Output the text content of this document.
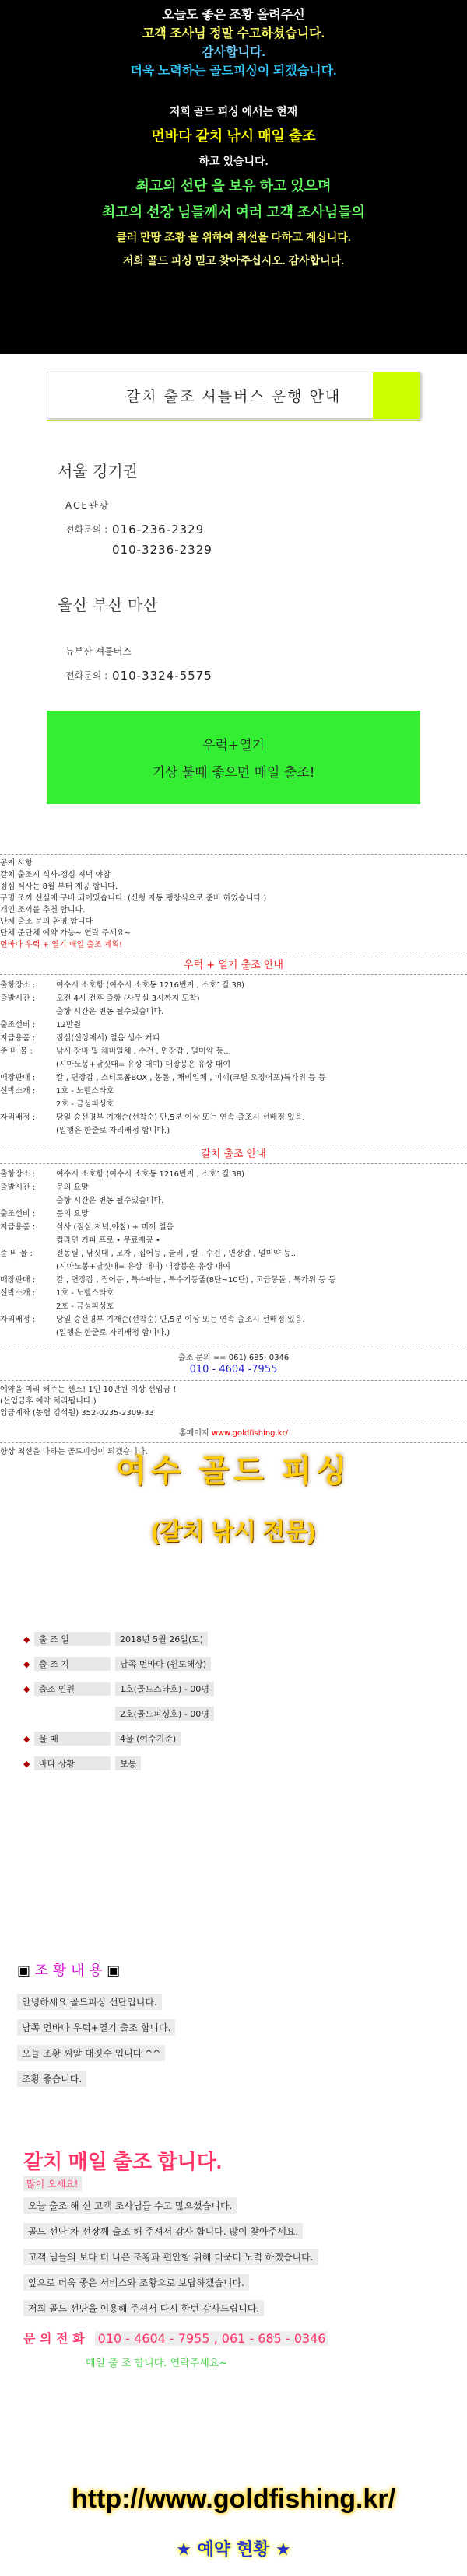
오늘도 좋은 조황 올려주신
고객 조사님 정말 수고하셨습니다.
감사합니다.
더욱 노력하는 골드피싱이 되겠습니다.
저희 골드 피싱 에서는 현재
먼바다 갈치 낚시 매일 출조
하고 있습니다.
최고의 선단 을 보유 하고 있으며
최고의 선장 님들께서 여러 고객 조사님들의
클러 만땅 조황 을 위하여 최선을 다하고 계십니다.
저희 골드 피싱 믿고 찾아주십시오. 감사합니다.
갈치 출조 셔틀버스 운행 안내
서울 경기권
ACE관광
전화문의 : 016-236-2329
010-3236-2329
울산 부산 마산
뉴부산 셔틀버스
전화문의 : 010-3324-5575
우럭+열기
기상 불때 좋으면 매일 출조!
공지 사항
갈치 출조시 식사-점심 저녁 야참
점심 식사는 8월 부터 제공 합니다.
구명 조끼 선실에 구비 되어있습니다. (신형 자동 팽창식으로 준비 하였습니다.)
개인 조끼를 추천 합니다.
단체 출조 문의 환영 합니다
단체 준단체 예약 가능~ 연락 주세요~
먼바다 우럭 + 열기 매일 출조 계획!
우럭 + 열기 출조 안내
출항장소 :	여수시 소호항 (여수시 소호동 1216번지 , 소호1길 38)
출발시간 :	오전 4시 전후 출항 (사무실 3시까지 도착)
출항 시간은 변동 될수있습니다.
출조선비 :	12만원
지급용품 :	점심(선상에서) 얼음 생수 커피
준 비 물 :	낚시 장비 및 채비일체 , 수건 , 면장갑 , 멀미약 등...
(시마노봉+낚싯대= 유상 대여) 대장봉은 유상 대여
매장판매 :	칼 , 면장갑 , 스티로폼BOX , 봉돌 , 채비일체 , 미끼(크릴 오징어포)특가위 등 등
선박소개 :	1호 - 노벨스타호
2호 - 금성피싱호
자리배정 :	당일 승선명부 기재순(선착순) 단,5분 이상 또는 연속 출조시 선배정 있음.
(일행은 한줄로 자리배정 합니다.)
갈치 출조 안내
출항장소 :	여수시 소호항 (여수시 소호동 1216번지 , 소호1길 38)
출발시간 :	문의 요망
출항 시간은 변동 될수있습니다.
출조선비 :	문의 요망
지급용품 :	식사 (점심,저녁,야참) + 미끼 얼음
컵라면 커피 프로 • 무료제공 •
준 비 물 :	전동릴 , 낚싯대 , 모자 , 집어등 , 쿨러 , 칼 , 수건 , 면장갑 , 멀미약 등...
(시마노봉+낚싯대= 유상 대여) 대장봉은 유상 대여
매장판매 :	칼 , 면장갑 , 집어등 , 특수바늘 , 특수기둥줄(8단~10단) , 고급봉돌 , 특가위 등 등
선박소개 :	1호 - 노벨스타호
2호 - 금성피싱호
자리배정 :	당일 승선명부 기재순(선착순) 단,5분 이상 또는 연속 출조시 선배정 있음.
(일행은 한줄로 자리배정 합니다.)
출조 문의 == 061) 685- 0346
010 - 4604 -7955
예약을 미리 해주는 센스! 1인 10만원 이상 선입금 !
(선입금후 예약 처리됩니다.)
입금계좌 (농협 김석원) 352-0235-2309-33
홈페이지 www.goldfishing.kr/
항상 최선을 다하는 골드피싱이 되겠습니다.
여수 골드 피싱
(갈치 낚시 전문)
◆	출 조 일	2018년 5월 26일(토)
◆	출 조 지	남쪽 먼바다 (원도해상)
◆	출조 인원	1호(골드스타호) - 00명
2호(골드피싱호) - 00명
◆	물 때	4물 (여수기준)
◆	바다 상황	보통
▣ 조 황 내 용 ▣
안녕하세요 골드피싱 선단입니다.
남쪽 먼바다 우럭+열기 출조 합니다.
오늘 조황 씨알 대짓수 입니다 ^^
조황 좋습니다.
갈치 매일 출조 합니다.
많이 오세요!
오늘 출조 해 신 고객 조사님들 수고 많으셨습니다.
골드 선단 차 선장께 출조 해 주셔서 감사 합니다. 많이 찾아주세요.
고객 님들의 보다 더 나은 조황과 편안함 위해 더욱더 노력 하겠습니다.
앞으로 더욱 좋은 서비스와 조황으로 보답하겠습니다.
저희 골드 선단을 이용해 주셔서 다시 한번 감사드립니다.
문 의 전 화 010 - 4604 - 7955 , 061 - 685 - 0346
매일 출 조 합니다. 연락주세요~
http://www.goldfishing.kr/
★ 예약 현황 ★
